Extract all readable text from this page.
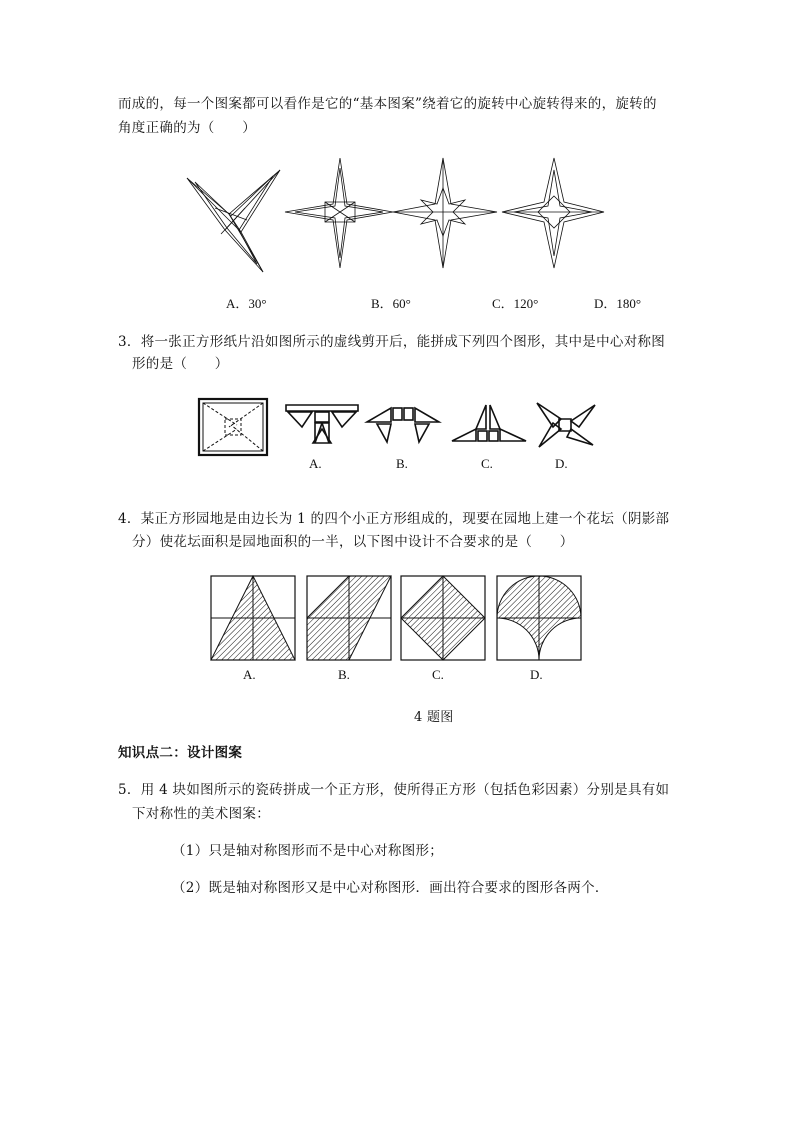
而成的，每一个图案都可以看作是它的“基本图案”绕着它的旋转中心旋转得来的，旋转的
角度正确的为（　　）
A．30°	B．60°	C．120°	D．180°
3．将一张正方形纸片沿如图所示的虚线剪开后，能拼成下列四个图形，其中是中心对称图
形的是（　　）
A.	B.	C.	D.
4．某正方形园地是由边长为 1 的四个小正方形组成的，现要在园地上建一个花坛（阴影部
分）使花坛面积是园地面积的一半，以下图中设计不合要求的是（　　）
A.	B.	C.	D.
4 题图
知识点二：设计图案
5．用 4 块如图所示的瓷砖拼成一个正方形，使所得正方形（包括色彩因素）分别是具有如
下对称性的美术图案：
（1）只是轴对称图形而不是中心对称图形；
（2）既是轴对称图形又是中心对称图形．画出符合要求的图形各两个．
